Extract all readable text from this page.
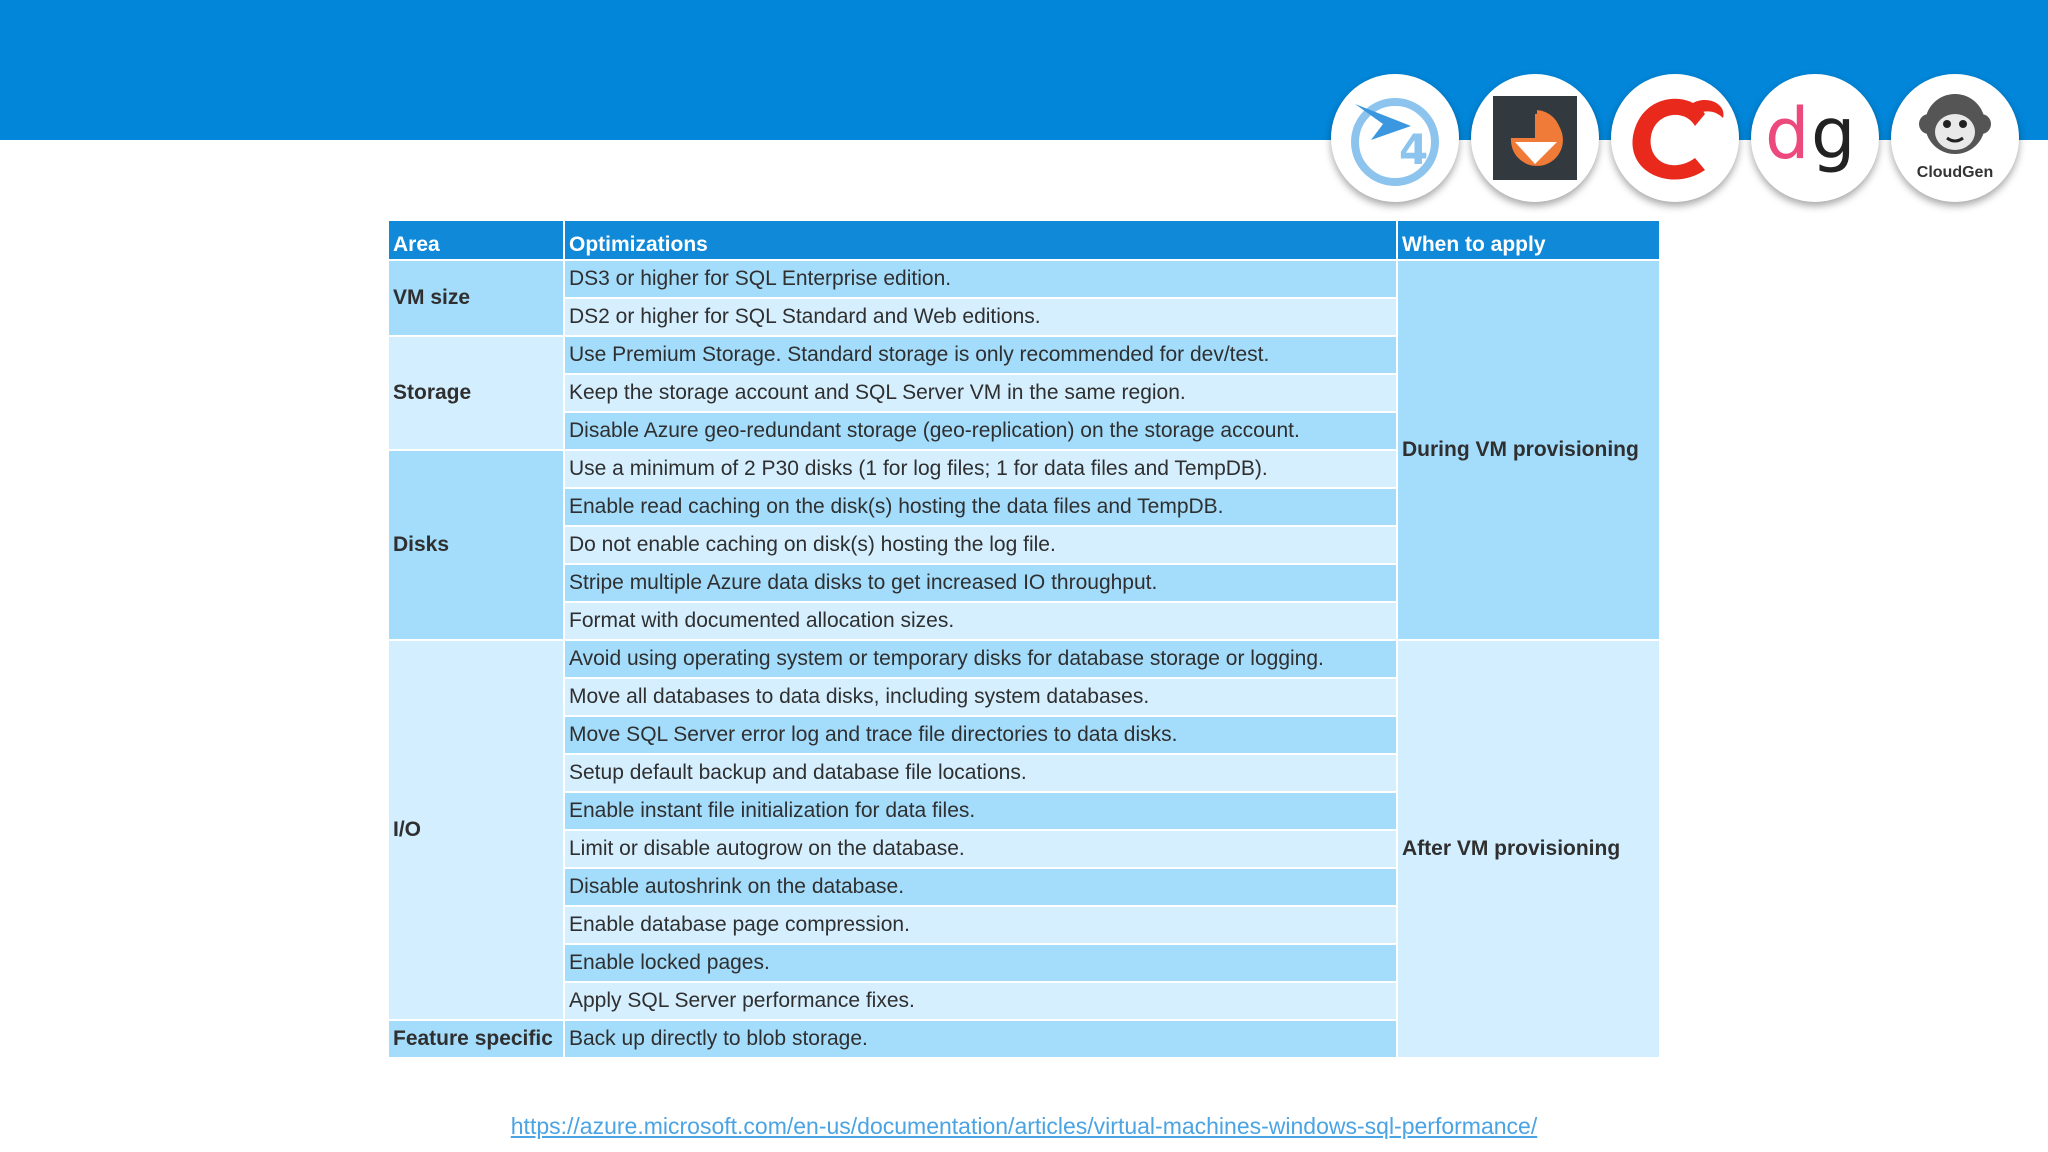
4	d g	CloudGen
Area	Optimizations	When to apply
VM size	DS3 or higher for SQL Enterprise edition.	During VM provisioning
	DS2 or higher for SQL Standard and Web editions.	
Storage	Use Premium Storage. Standard storage is only recommended for dev/test.	
	Keep the storage account and SQL Server VM in the same region.	
	Disable Azure geo-redundant storage (geo-replication) on the storage account.	
Disks	Use a minimum of 2 P30 disks (1 for log files; 1 for data files and TempDB).	
	Enable read caching on the disk(s) hosting the data files and TempDB.	
	Do not enable caching on disk(s) hosting the log file.	
	Stripe multiple Azure data disks to get increased IO throughput.	
	Format with documented allocation sizes.	
I/O	Avoid using operating system or temporary disks for database storage or logging.	After VM provisioning
	Move all databases to data disks, including system databases.	
	Move SQL Server error log and trace file directories to data disks.	
	Setup default backup and database file locations.	
	Enable instant file initialization for data files.	
	Limit or disable autogrow on the database.	
	Disable autoshrink on the database.	
	Enable database page compression.	
	Enable locked pages.	
	Apply SQL Server performance fixes.	
Feature specific	Back up directly to blob storage.	
https://azure.microsoft.com/en-us/documentation/articles/virtual-machines-windows-sql-performance/
